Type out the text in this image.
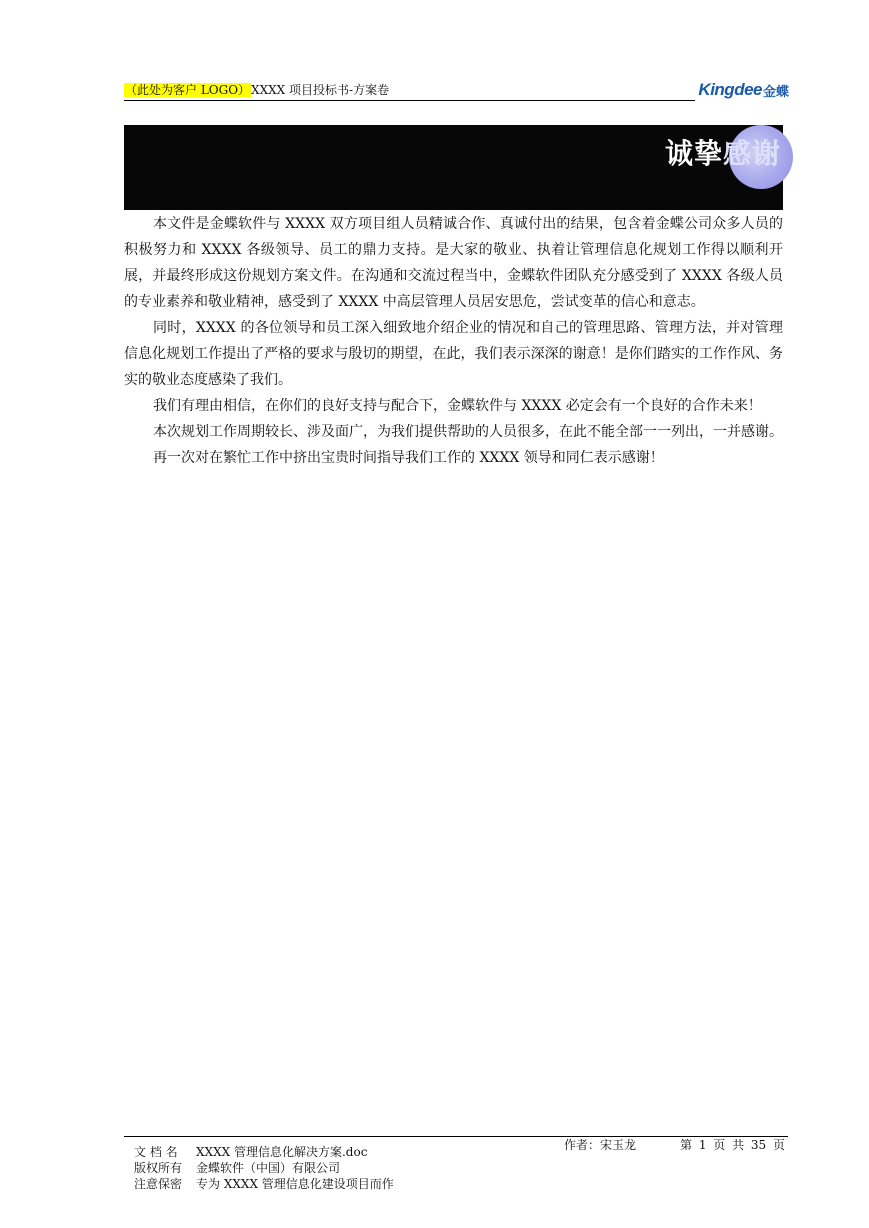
（此处为客户 LOGO）XXXX 项目投标书-方案卷	Kingdee 金蝶
诚挚感谢

本文件是金蝶软件与 XXXX 双方项目组人员精诚合作、真诚付出的结果，包含着金蝶公司众多人员的积极努力和 XXXX 各级领导、员工的鼎力支持。是大家的敬业、执着让管理信息化规划工作得以顺利开展，并最终形成这份规划方案文件。在沟通和交流过程当中，金蝶软件团队充分感受到了 XXXX 各级人员的专业素养和敬业精神，感受到了 XXXX 中高层管理人员居安思危，尝试变革的信心和意志。

同时，XXXX 的各位领导和员工深入细致地介绍企业的情况和自己的管理思路、管理方法，并对管理信息化规划工作提出了严格的要求与殷切的期望，在此，我们表示深深的谢意！是你们踏实的工作作风、务实的敬业态度感染了我们。

我们有理由相信，在你们的良好支持与配合下，金蝶软件与 XXXX 必定会有一个良好的合作未来！

本次规划工作周期较长、涉及面广，为我们提供帮助的人员很多，在此不能全部一一列出，一并感谢。

再一次对在繁忙工作中挤出宝贵时间指导我们工作的 XXXX 领导和同仁表示感谢！

文 档 名 XXXX 管理信息化解决方案.doc
版权所有 金蝶软件（中国）有限公司
注意保密 专为 XXXX 管理信息化建设项目而作
作者：宋玉龙	第 1 页 共 35 页
